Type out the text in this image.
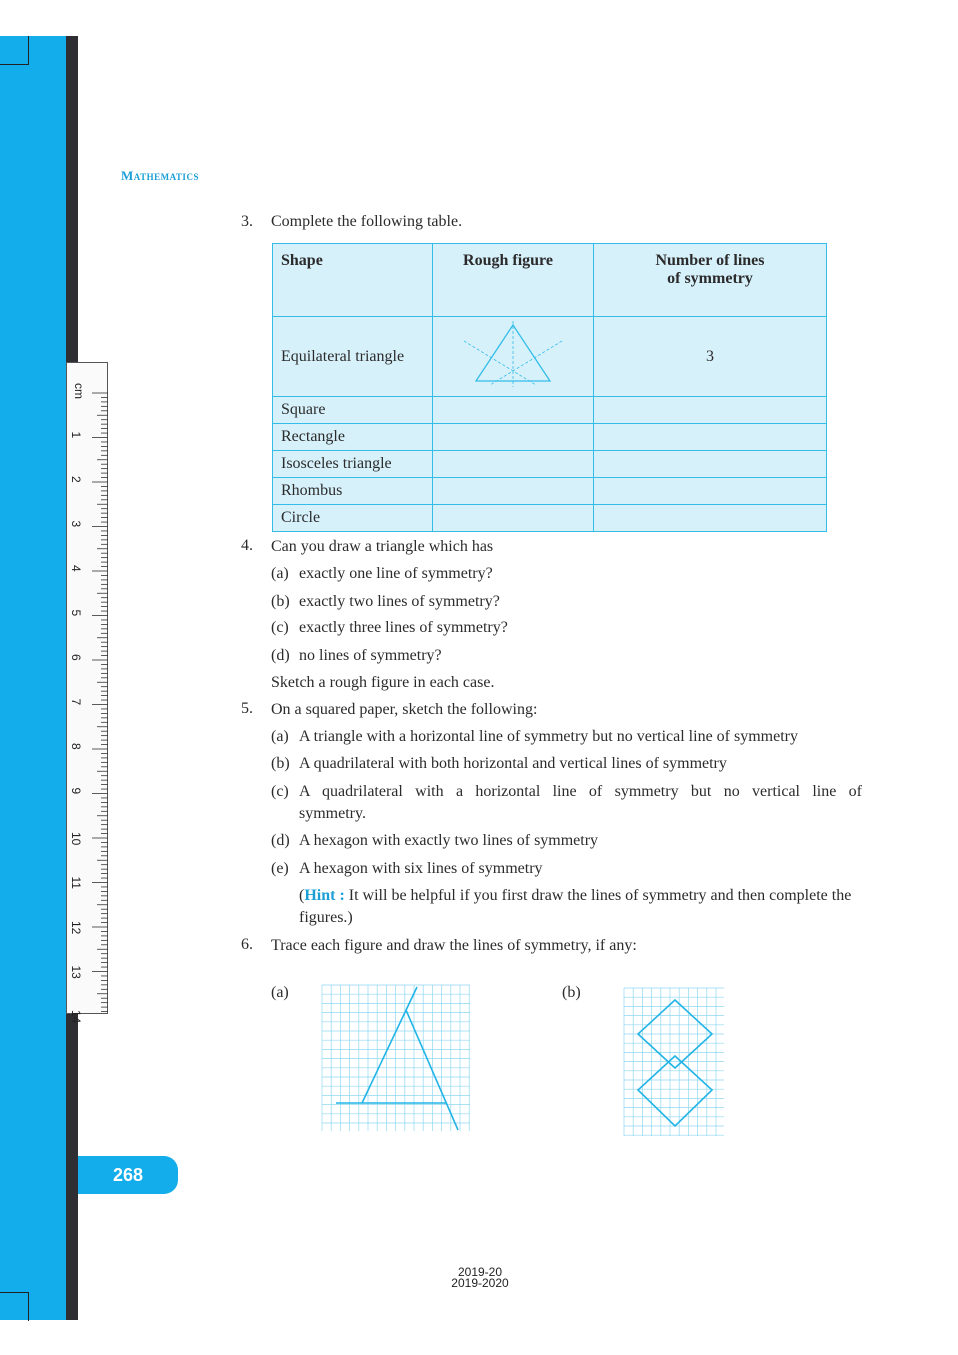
cm
1
2
3
4
5
6
7
8
9
10
11
12
13
14
Mathematics
3. Complete the following table.
Shape	Rough figure	Number of lines
of symmetry
Equilateral triangle		3
Square		
Rectangle		
Isosceles triangle		
Rhombus		
Circle		
4. Can you draw a triangle which has
(a) exactly one line of symmetry?
(b) exactly two lines of symmetry?
(c) exactly three lines of symmetry?
(d) no lines of symmetry?
Sketch a rough figure in each case.
5. On a squared paper, sketch the following:
(a) A triangle with a horizontal line of symmetry but no vertical line of symmetry
(b) A quadrilateral with both horizontal and vertical lines of symmetry
(c) A quadrilateral with a horizontal line of symmetry but no vertical line of symmetry.
(d) A hexagon with exactly two lines of symmetry
(e) A hexagon with six lines of symmetry
(Hint : It will be helpful if you first draw the lines of symmetry and then complete the figures.)
6. Trace each figure and draw the lines of symmetry, if any:
(a)	(b)
268
2019-20
2019-2020
